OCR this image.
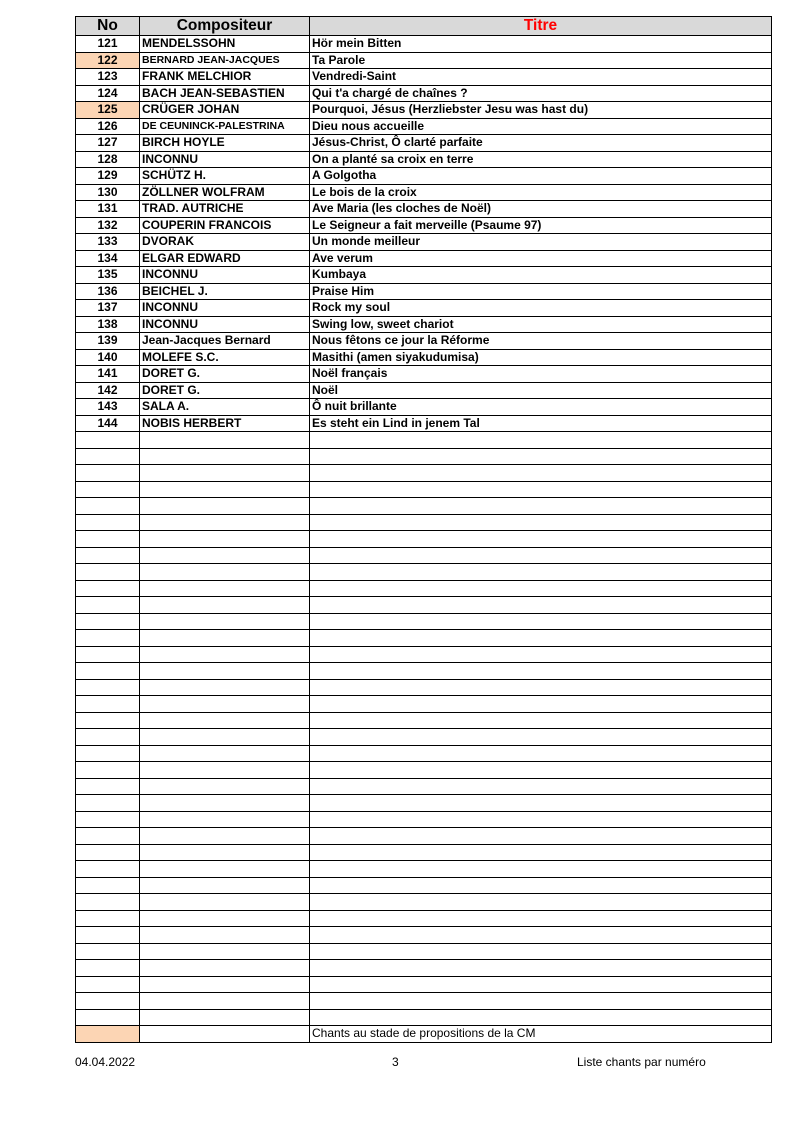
No	Compositeur	Titre
121	MENDELSSOHN	Hör mein Bitten
122	BERNARD JEAN-JACQUES	Ta Parole
123	FRANK MELCHIOR	Vendredi-Saint
124	BACH JEAN-SEBASTIEN	Qui t'a chargé de chaînes ?
125	CRÜGER JOHAN	Pourquoi, Jésus (Herzliebster Jesu was hast du)
126	DE CEUNINCK-PALESTRINA	Dieu nous accueille
127	BIRCH HOYLE	Jésus-Christ, Ô clarté parfaite
128	INCONNU	On a planté sa croix en terre
129	SCHÜTZ H.	A Golgotha
130	ZÖLLNER WOLFRAM	Le bois de la croix
131	TRAD. AUTRICHE	Ave Maria (les cloches de Noël)
132	COUPERIN FRANCOIS	Le Seigneur a fait merveille (Psaume 97)
133	DVORAK	Un monde meilleur
134	ELGAR EDWARD	Ave verum
135	INCONNU	Kumbaya
136	BEICHEL J.	Praise Him
137	INCONNU	Rock my soul
138	INCONNU	Swing low, sweet chariot
139	Jean-Jacques Bernard	Nous fêtons ce jour la Réforme
140	MOLEFE S.C.	Masithi (amen siyakudumisa)
141	DORET G.	Noël français
142	DORET G.	Noël
143	SALA A.	Ô nuit brillante
144	NOBIS HERBERT	Es steht ein Lind in jenem Tal

		Chants au stade de propositions de la CM
04.04.2022	3	Liste chants par numéro
